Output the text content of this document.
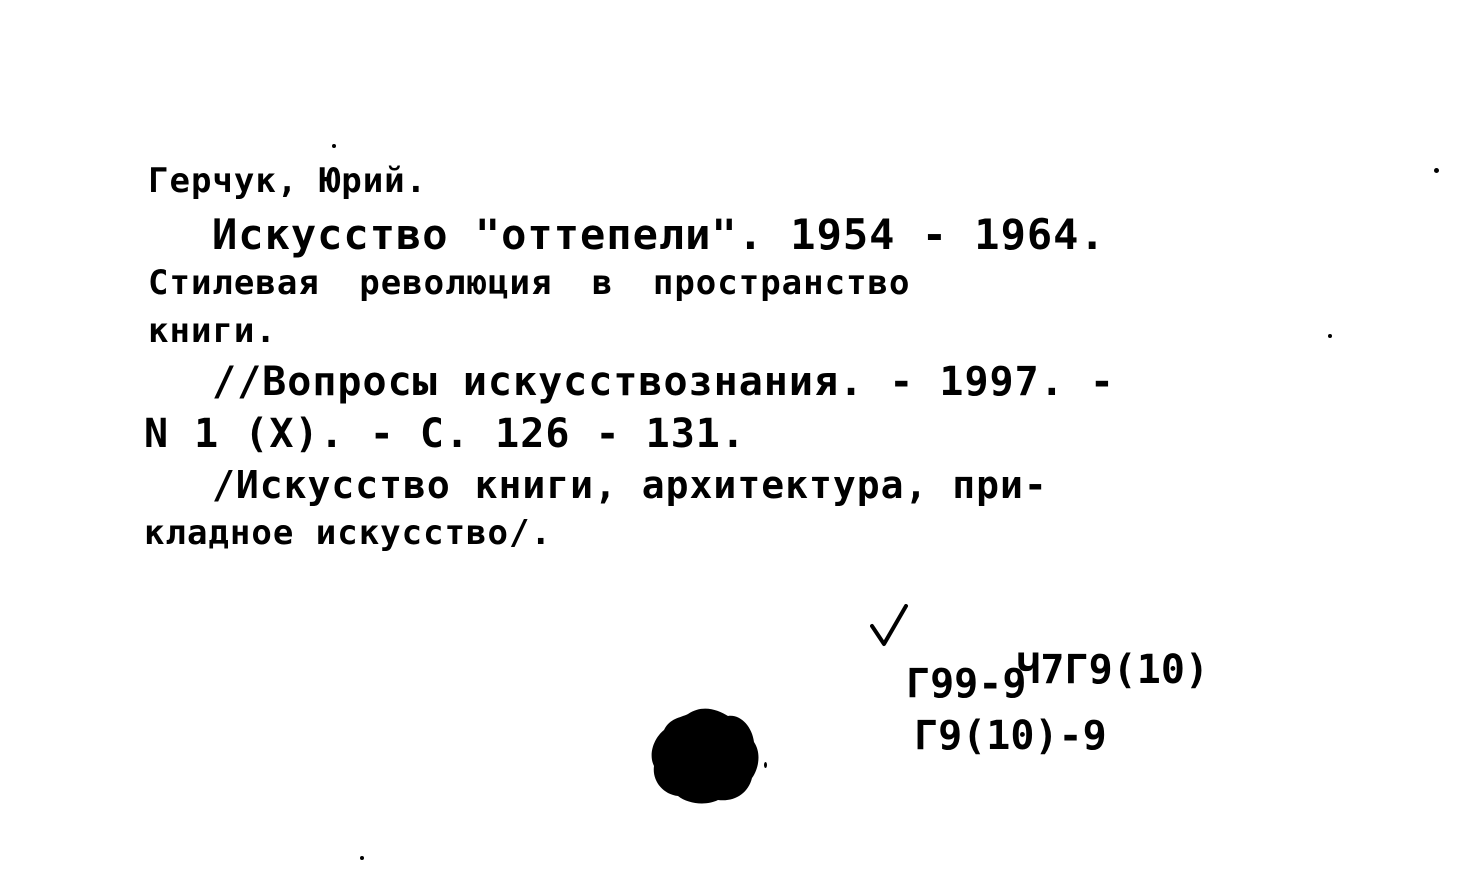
Герчук, Юрий.
Искусство "оттепели". 1954 - 1964.
Стилевая революция в пространство
книги.
//Вопросы искусствознания. - 1997. -
N 1 (X). - С. 126 - 131.
/Искусство книги, архитектура, при-
кладное искусство/.

Ч7Г9(10)

Г99-9
Г9(10)-9
